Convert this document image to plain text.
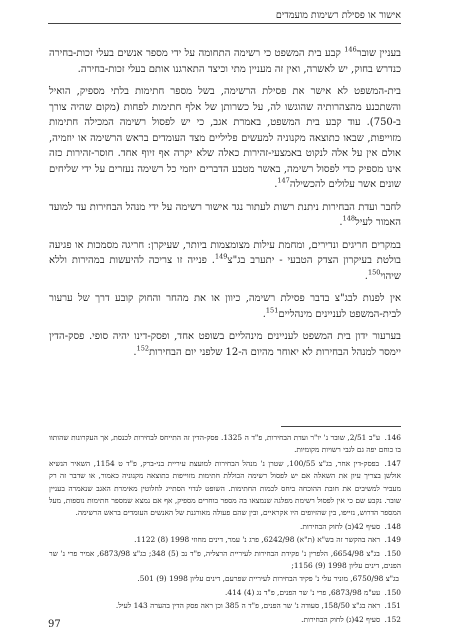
אישור או פסילת רשימות מועמדים

בעניין שובר$^{146}$ קבע בית המשפט כי רשימה התחומה על ידי מספר אנשים בעלי זכות-בחירה כנדרש בחוק, יש לאשרה, ואין זה מעניין מתי וכיצד התארגנו אותם בעלי זכות-בחירה.

בית-המשפט לא אישר את פסילת הרשימה, בשל מספר חתימות בלתי מספיק, הואיל והשתכנע מהצהרותיה שהוגשו לה, על כשרותן של אלף חתימות לפחות (מקום שהיה צורך ב-750). עוד קבע בית המשפט, באמרת אגב, כי יש לפסול רשימה המכילה חתימות מזוייפות, שבאו כתוצאה מקנוניה למעשים פליליים מצד העומדים בראש הרשימה או יוזמיה, אולם אין על אלה לנקוט באמצעי-זהירות כאלה שלא יקרה אף זיוף אחד. חוסר-זהירות כזה אינו מספיק כדי לפסול רשימה, באשר מטבע הדברים יוזמי כל רשימה נעזרים על ידי שליחים שונים אשר עלולים להכשילה$^{147}$.

לחבר ועדת הבחירות ניתנת רשות לעתור נגד אישור רשימה על ידי מנהל הבחירות עד למועד האמור לעיל$^{148}$.

במקרים חריגים ונדירים, ומחמת עילות מצומצמות ביותר, שעיקרן: חריגה מסמכות או פגיעה בולטת בעיקרון הצדק הטבעי - יתערב בג"צ$^{149}$. פנייה זו צריכה להיעשות במהירות וללא שיהוי$^{150}$.

אין לפנות לבג"צ בדבר פסילת רשימה, כיוון או את מהחר והחוק קובע דרך של ערעור לבית-המשפט לעניינים מינהליים$^{151}$.

בערעור ידון בית המשפט לעניינים מינהליים בשופט אחד, ופסק-דינו יהיה סופי. פסק-הדין יימסר למנהל הבחירות לא יאוחר מהיום ה-12 שלפני יום הבחירות$^{152}$.

146. ע"ב 2/51, שובר נ' יו"ר ועדת הבחירות, פ"ד ה 1325. פסק-הדין זה התייחס לבחירות לכנסת, אך העקרונות שהותוו בו כוחם יפה גם לגבי רשויות מקומיות.
147. בפסק-דין אחר, בג"צ 100/55, שטרן נ' מנהל הבחירות למועצת עיריית בני-ברק, פ"ד ט 1154, השאיר הנשיא אולשן בצריך עיון את השאלה אם יש לפסול רשימה הכוללת חתימות מזוייפות כתוצאה מקנוניה כאמור, או שדבר זה רק מעביר למשיבים את חובת ההוכחה ביחס לכמות החתימות. השופט לנדוי הסתייג לחלוטין מאימרת האגב שנאמרה בעניין שובר. נקבע שם כי אין לפסול רשימת מפלגה שנמצאו בה מספר בוחרים מספיק, אף אם נמצא שמספר חתימות נוספות, מעל המספר הדרוש, נזייפו, בין שהזיופים היו אקראיים, ובין שהם פעולה מאורגנת של האנשים העומדים בראש הרשימה.
148. סעיף 42(ב) לחוק הבחירות.
149. ראה בהקשר זה בש"א (ת"א) 6242/98, פרג נ' עמר, דינים מחוזי 1998 (8) 1122.
150. בג"צ 6654/98, הלפרין נ' פקידת הבחירות לעיריית הרצליה, פ"ד נב (5) 348; בג"צ 6873/98, אמיר פרי נ' שר הפנים, דינים עליון 1998 (9) 1156;
בג"צ 6750/98, מוניר עלי נ' פקיד הבחירות לעיריית שפרעם, דינים עליון 1998 (9) 501.
150. עע"מ 6873/98, פרי נ' שר הפנים, פ"ד נג (4) 414.
151. ראה בג"צ 158/50, סעודה נ' שר הפנים, פ"ד ה 385 וכן ראה פסק הדין בהערה 143 לעיל.
152. סעיף 42(ג) לחוק הבחירות.
97
